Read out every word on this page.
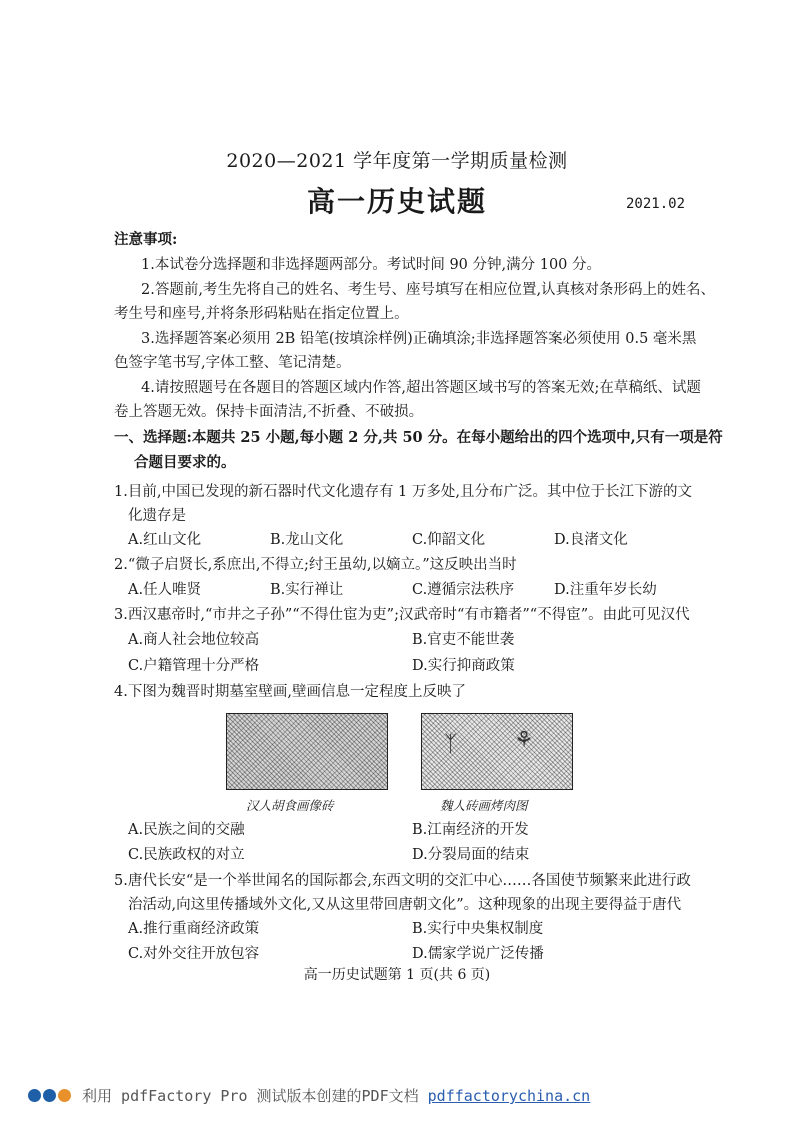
2020—2021 学年度第一学期质量检测
高一历史试题	2021.02
注意事项:
1.本试卷分选择题和非选择题两部分。考试时间 90 分钟,满分 100 分。
2.答题前,考生先将自己的姓名、考生号、座号填写在相应位置,认真核对条形码上的姓名、
考生号和座号,并将条形码粘贴在指定位置上。
3.选择题答案必须用 2B 铅笔(按填涂样例)正确填涂;非选择题答案必须使用 0.5 毫米黑
色签字笔书写,字体工整、笔记清楚。
4.请按照题号在各题目的答题区域内作答,超出答题区域书写的答案无效;在草稿纸、试题
卷上答题无效。保持卡面清洁,不折叠、不破损。
一、选择题:本题共 25 小题,每小题 2 分,共 50 分。在每小题给出的四个选项中,只有一项是符
合题目要求的。
1.目前,中国已发现的新石器时代文化遗存有 1 万多处,且分布广泛。其中位于长江下游的文
化遗存是
A.红山文化	B.龙山文化	C.仰韶文化	D.良渚文化
2.“微子启贤长,系庶出,不得立;纣王虽幼,以嫡立。”这反映出当时
A.任人唯贤	B.实行禅让	C.遵循宗法秩序	D.注重年岁长幼
3.西汉惠帝时,“市井之子孙”“不得仕宦为吏”;汉武帝时“有市籍者”“不得宦”。由此可见汉代
A.商人社会地位较高	B.官吏不能世袭
C.户籍管理十分严格	D.实行抑商政策
4.下图为魏晋时期墓室壁画,壁画信息一定程度上反映了
ᛉ	⚘
汉人胡食画像砖	魏人砖画烤肉图
A.民族之间的交融	B.江南经济的开发
C.民族政权的对立	D.分裂局面的结束
5.唐代长安“是一个举世闻名的国际都会,东西文明的交汇中心……各国使节频繁来此进行政
治活动,向这里传播域外文化,又从这里带回唐朝文化”。这种现象的出现主要得益于唐代
A.推行重商经济政策	B.实行中央集权制度
C.对外交往开放包容	D.儒家学说广泛传播
高一历史试题第 1 页(共 6 页)
利用 pdfFactory Pro 测试版本创建的PDF文档 pdffactorychina.cn
